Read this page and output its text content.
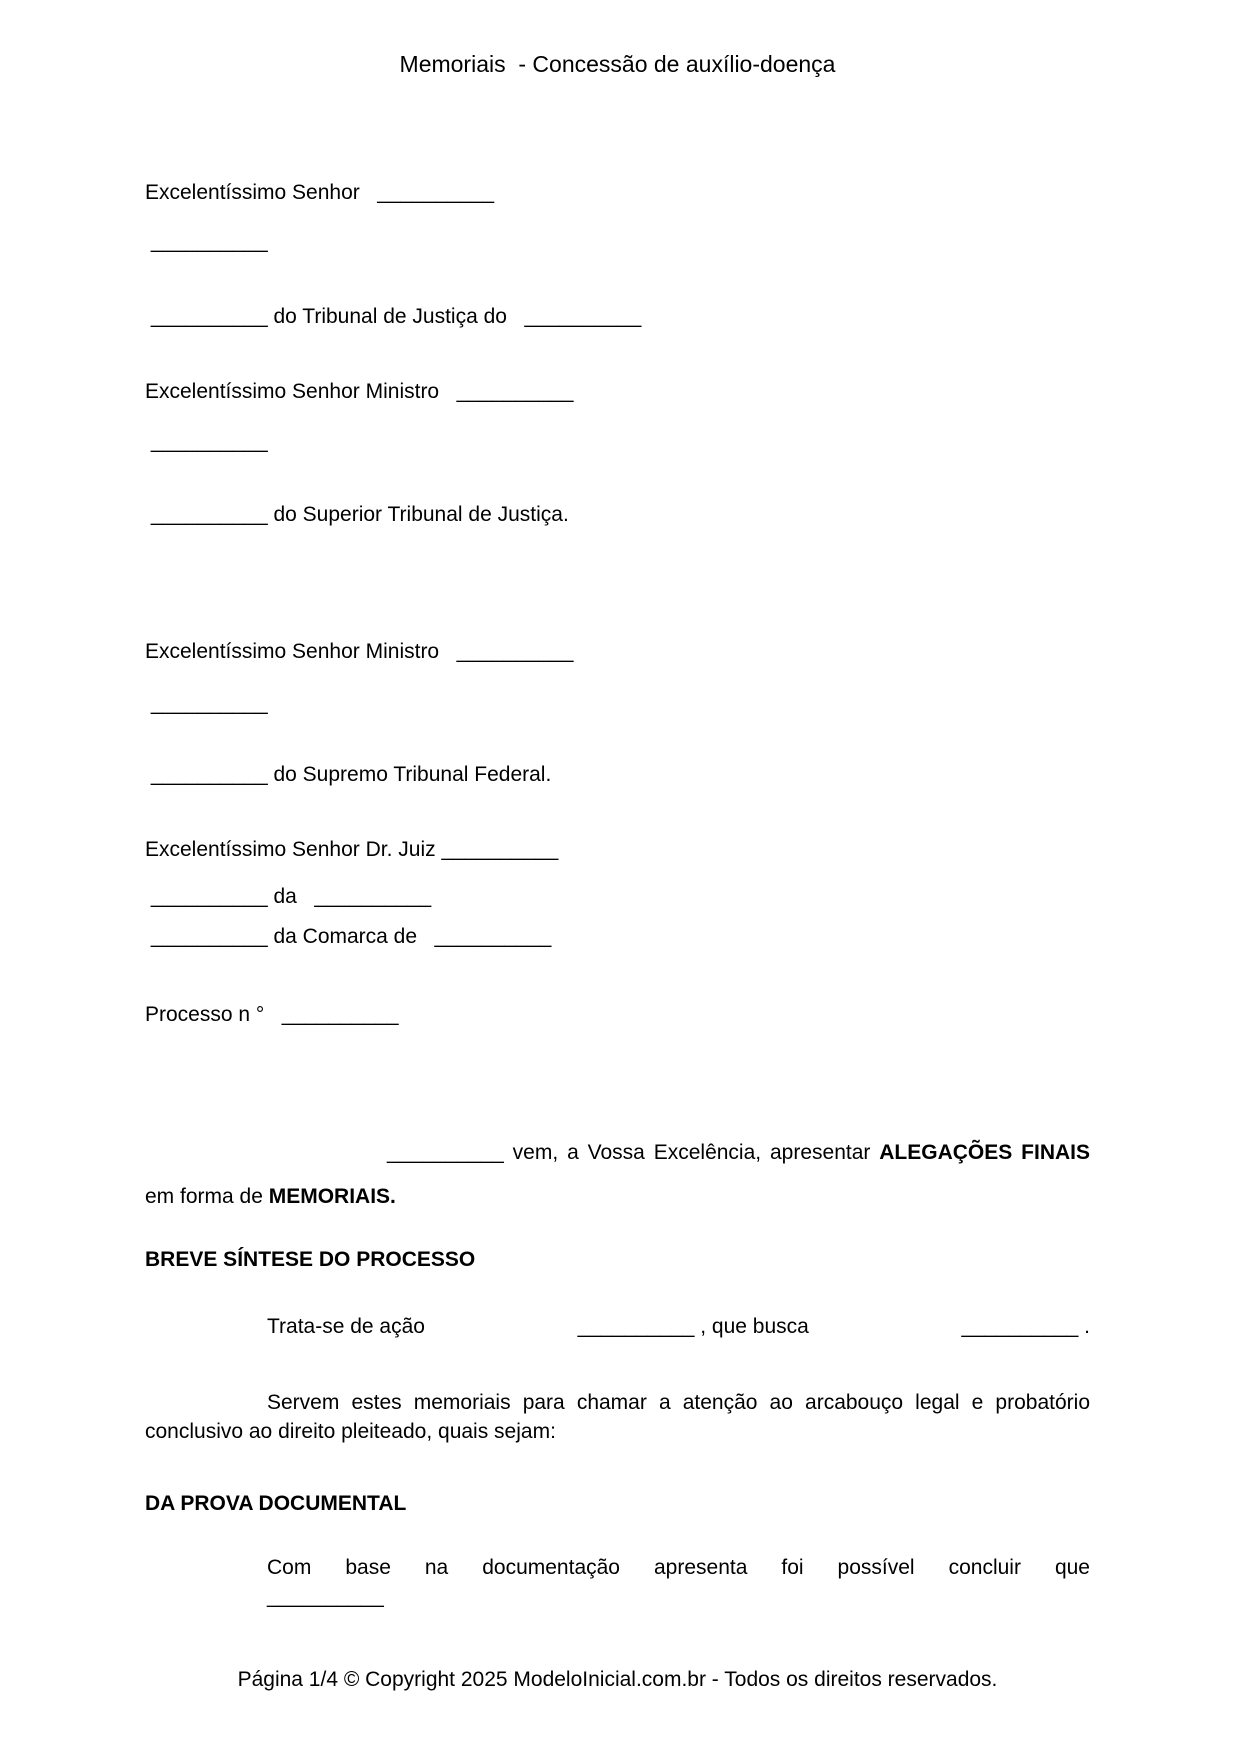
Memoriais  - Concessão de auxílio-doença
Excelentíssimo Senhor   __________
__________
__________ do Tribunal de Justiça do   __________
Excelentíssimo Senhor Ministro   __________
__________
__________ do Superior Tribunal de Justiça.
Excelentíssimo Senhor Ministro   __________
__________
__________ do Supremo Tribunal Federal.
Excelentíssimo Senhor Dr. Juiz __________
__________ da   __________
__________ da Comarca de   __________
Processo n °   __________
__________ vem, a Vossa Excelência, apresentar ALEGAÇÕES FINAIS
em forma de MEMORIAIS.
BREVE SÍNTESE DO PROCESSO
Trata-se de ação	__________ , que busca	__________ .
Servem estes memoriais para chamar a atenção ao arcabouço legal e probatório
conclusivo ao direito pleiteado, quais sejam:
DA PROVA DOCUMENTAL
Com base na documentação apresenta foi possível concluir que
__________
Página 1/4 © Copyright 2025 ModeloInicial.com.br - Todos os direitos reservados.
